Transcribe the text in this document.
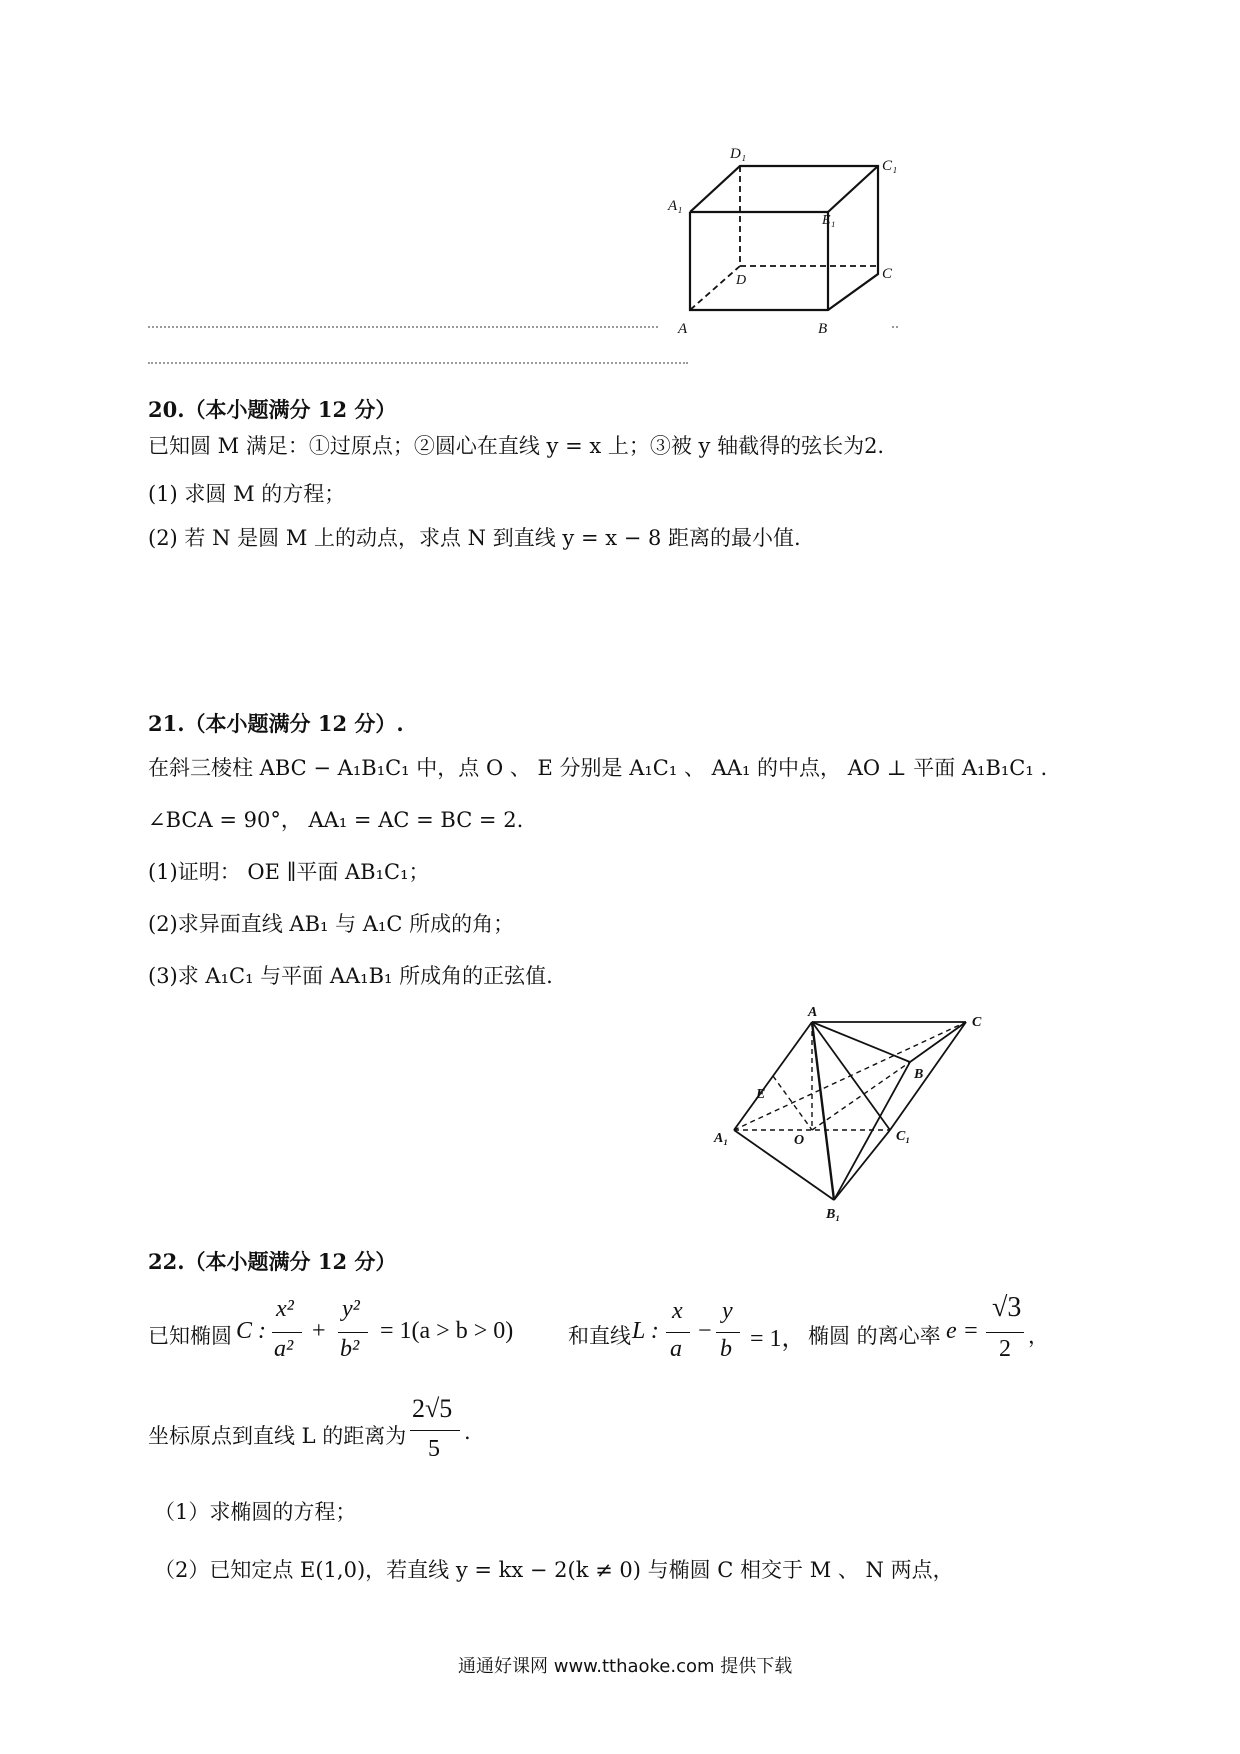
A₁
D₁
C₁
E₁
D	C
A	B
20.（本小题满分 12 分）
已知圆 M 满足：①过原点；②圆心在直线 y = x 上；③被 y 轴截得的弦长为2.
(1) 求圆 M 的方程；
(2) 若 N 是圆 M 上的动点，求点 N 到直线 y = x − 8 距离的最小值.
21.（本小题满分 12 分）.
在斜三棱柱 ABC − A₁B₁C₁ 中，点 O 、 E 分别是 A₁C₁ 、 AA₁ 的中点， AO ⊥ 平面 A₁B₁C₁ .
∠BCA = 90°， AA₁ = AC = BC = 2.
(1)证明： OE ∥平面 AB₁C₁；
(2)求异面直线 AB₁ 与 A₁C 所成的角；
(3)求 A₁C₁ 与平面 AA₁B₁ 所成角的正弦值.
A
C
B
E
O
A₁	C₁
B₁
22.（本小题满分 12 分）
已知椭圆 C :
x²
a²
+
y²
b²
= 1(a > b > 0)	和直线 L :
x
a
−
y
b = 1， 椭圆 的离心率 e =
√3
2 ，
坐标原点到直线 L 的距离为
2√5
5
.
（1）求椭圆的方程；
（2）已知定点 E(1,0)，若直线 y = kx − 2(k ≠ 0) 与椭圆 C 相交于 M 、 N 两点，
通通好课网 www.tthaoke.com 提供下载
